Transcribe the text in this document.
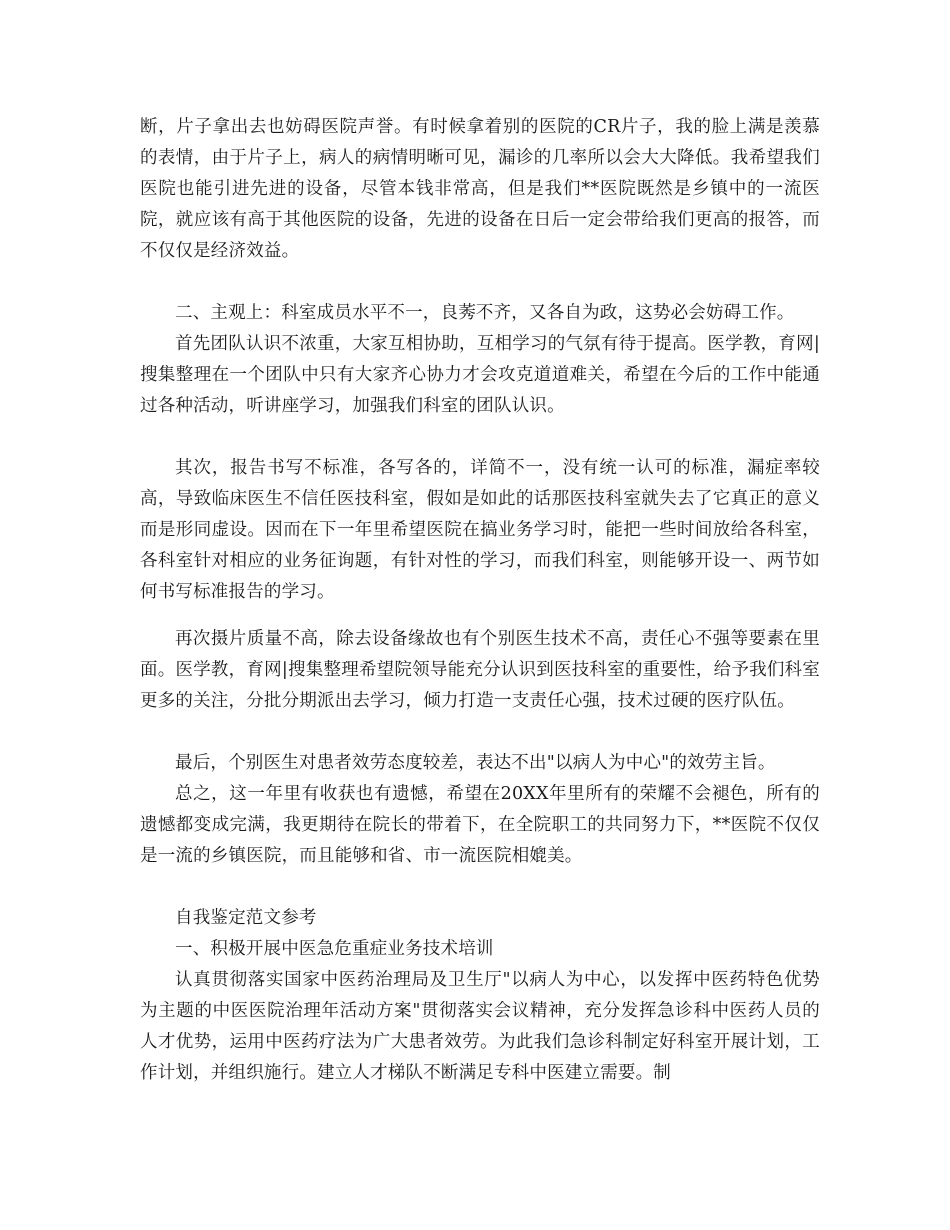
断，片子拿出去也妨碍医院声誉。有时候拿着别的医院的CR片子，我的脸上满是羡慕的表情，由于片子上，病人的病情明晰可见，漏诊的几率所以会大大降低。我希望我们医院也能引进先进的设备，尽管本钱非常高，但是我们**医院既然是乡镇中的一流医院，就应该有高于其他医院的设备，先进的设备在日后一定会带给我们更高的报答，而不仅仅是经济效益。

二、主观上：科室成员水平不一，良莠不齐，又各自为政，这势必会妨碍工作。

首先团队认识不浓重，大家互相协助，互相学习的气氛有待于提高。医学教，育网|搜集整理在一个团队中只有大家齐心协力才会攻克道道难关，希望在今后的工作中能通过各种活动，听讲座学习，加强我们科室的团队认识。

其次，报告书写不标准，各写各的，详简不一，没有统一认可的标准，漏症率较高，导致临床医生不信任医技科室，假如是如此的话那医技科室就失去了它真正的意义而是形同虚设。因而在下一年里希望医院在搞业务学习时，能把一些时间放给各科室，各科室针对相应的业务征询题，有针对性的学习，而我们科室，则能够开设一、两节如何书写标准报告的学习。

再次摄片质量不高，除去设备缘故也有个别医生技术不高，责任心不强等要素在里面。医学教，育网|搜集整理希望院领导能充分认识到医技科室的重要性，给予我们科室更多的关注，分批分期派出去学习，倾力打造一支责任心强，技术过硬的医疗队伍。

最后，个别医生对患者效劳态度较差，表达不出"以病人为中心"的效劳主旨。

总之，这一年里有收获也有遗憾，希望在20XX年里所有的荣耀不会褪色，所有的遗憾都变成完满，我更期待在院长的带着下，在全院职工的共同努力下，**医院不仅仅是一流的乡镇医院，而且能够和省、市一流医院相媲美。

自我鉴定范文参考

一、积极开展中医急危重症业务技术培训

认真贯彻落实国家中医药治理局及卫生厅"以病人为中心，以发挥中医药特色优势为主题的中医医院治理年活动方案"贯彻落实会议精神，充分发挥急诊科中医药人员的人才优势，运用中医药疗法为广大患者效劳。为此我们急诊科制定好科室开展计划，工作计划，并组织施行。建立人才梯队不断满足专科中医建立需要。制
